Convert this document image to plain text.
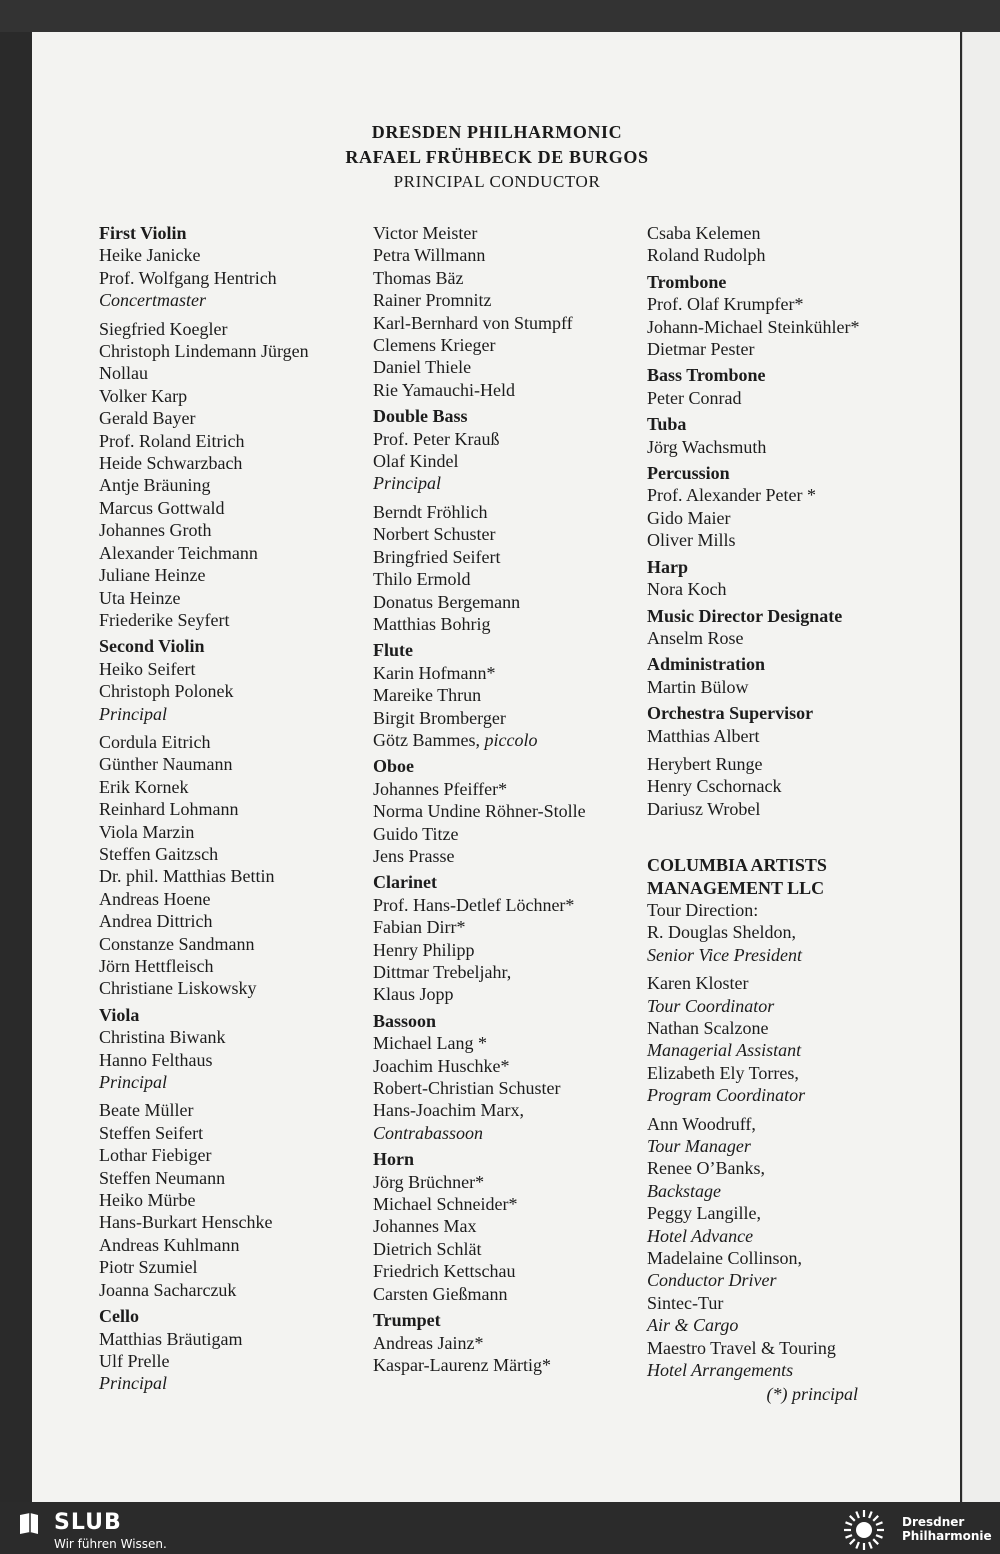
DRESDEN PHILHARMONIC
RAFAEL FRÜHBECK DE BURGOS
PRINCIPAL CONDUCTOR
First Violin
Heike Janicke
Prof. Wolfgang Hentrich
Concertmaster
Siegfried Koegler
Christoph Lindemann Jürgen
Nollau
Volker Karp
Gerald Bayer
Prof. Roland Eitrich
Heide Schwarzbach
Antje Bräuning
Marcus Gottwald
Johannes Groth
Alexander Teichmann
Juliane Heinze
Uta Heinze
Friederike Seyfert
Second Violin
Heiko Seifert
Christoph Polonek
Principal
Cordula Eitrich
Günther Naumann
Erik Kornek
Reinhard Lohmann
Viola Marzin
Steffen Gaitzsch
Dr. phil. Matthias Bettin
Andreas Hoene
Andrea Dittrich
Constanze Sandmann
Jörn Hettfleisch
Christiane Liskowsky
Viola
Christina Biwank
Hanno Felthaus
Principal
Beate Müller
Steffen Seifert
Lothar Fiebiger
Steffen Neumann
Heiko Mürbe
Hans-Burkart Henschke
Andreas Kuhlmann
Piotr Szumiel
Joanna Sacharczuk
Cello
Matthias Bräutigam
Ulf Prelle
Principal
Victor Meister
Petra Willmann
Thomas Bäz
Rainer Promnitz
Karl-Bernhard von Stumpff
Clemens Krieger
Daniel Thiele
Rie Yamauchi-Held
Double Bass
Prof. Peter Krauß
Olaf Kindel
Principal
Berndt Fröhlich
Norbert Schuster
Bringfried Seifert
Thilo Ermold
Donatus Bergemann
Matthias Bohrig
Flute
Karin Hofmann*
Mareike Thrun
Birgit Bromberger
Götz Bammes, piccolo
Oboe
Johannes Pfeiffer*
Norma Undine Röhner-Stolle
Guido Titze
Jens Prasse
Clarinet
Prof. Hans-Detlef Löchner*
Fabian Dirr*
Henry Philipp
Dittmar Trebeljahr,
Klaus Jopp
Bassoon
Michael Lang *
Joachim Huschke*
Robert-Christian Schuster
Hans-Joachim Marx,
Contrabassoon
Horn
Jörg Brüchner*
Michael Schneider*
Johannes Max
Dietrich Schlät
Friedrich Kettschau
Carsten Gießmann
Trumpet
Andreas Jainz*
Kaspar-Laurenz Märtig*
Csaba Kelemen
Roland Rudolph
Trombone
Prof. Olaf Krumpfer*
Johann-Michael Steinkühler*
Dietmar Pester
Bass Trombone
Peter Conrad
Tuba
Jörg Wachsmuth
Percussion
Prof. Alexander Peter *
Gido Maier
Oliver Mills
Harp
Nora Koch
Music Director Designate
Anselm Rose
Administration
Martin Bülow
Orchestra Supervisor
Matthias Albert
Herybert Runge
Henry Cschornack
Dariusz Wrobel
COLUMBIA ARTISTS
MANAGEMENT LLC
Tour Direction:
R. Douglas Sheldon,
Senior Vice President
Karen Kloster
Tour Coordinator
Nathan Scalzone
Managerial Assistant
Elizabeth Ely Torres,
Program Coordinator
Ann Woodruff,
Tour Manager
Renee O’Banks,
Backstage
Peggy Langille,
Hotel Advance
Madelaine Collinson,
Conductor Driver
Sintec-Tur
Air & Cargo
Maestro Travel & Touring
Hotel Arrangements
(*) principal
SLUB
Wir führen Wissen.
Dresdner
Philharmonie
